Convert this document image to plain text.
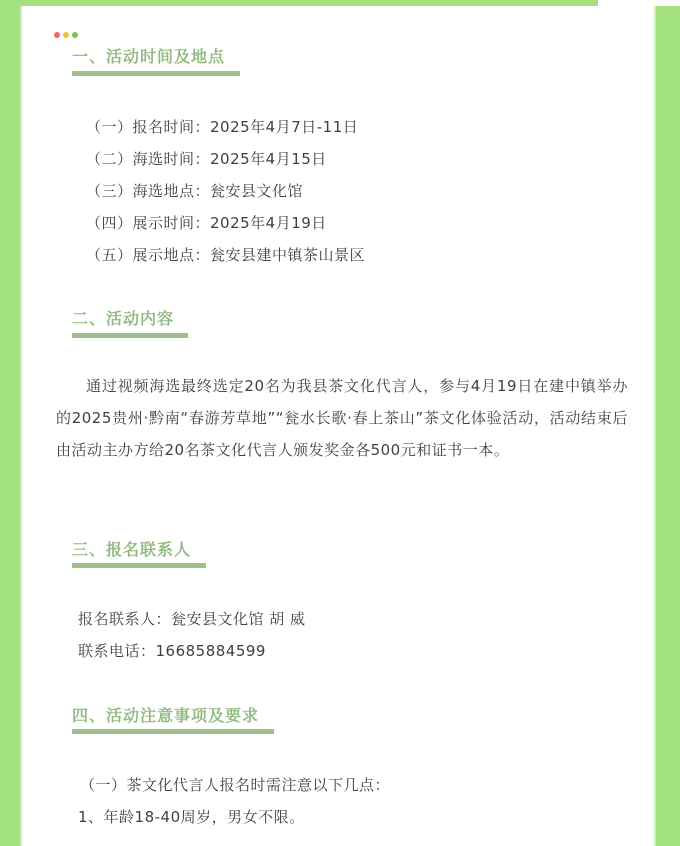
一、活动时间及地点
（一）报名时间：2025年4月7日-11日
（二）海选时间：2025年4月15日
（三）海选地点：瓮安县文化馆
（四）展示时间：2025年4月19日
（五）展示地点：瓮安县建中镇茶山景区
二、活动内容
通过视频海选最终选定20名为我县茶文化代言人，参与4月19日在建中镇举办的2025贵州·黔南“春游芳草地”“瓮水长歌·春上茶山”茶文化体验活动，活动结束后由活动主办方给20名茶文化代言人颁发奖金各500元和证书一本。
三、报名联系人
报名联系人：瓮安县文化馆 胡 威
联系电话：16685884599
四、活动注意事项及要求
（一）茶文化代言人报名时需注意以下几点：
1、年龄18-40周岁，男女不限。
